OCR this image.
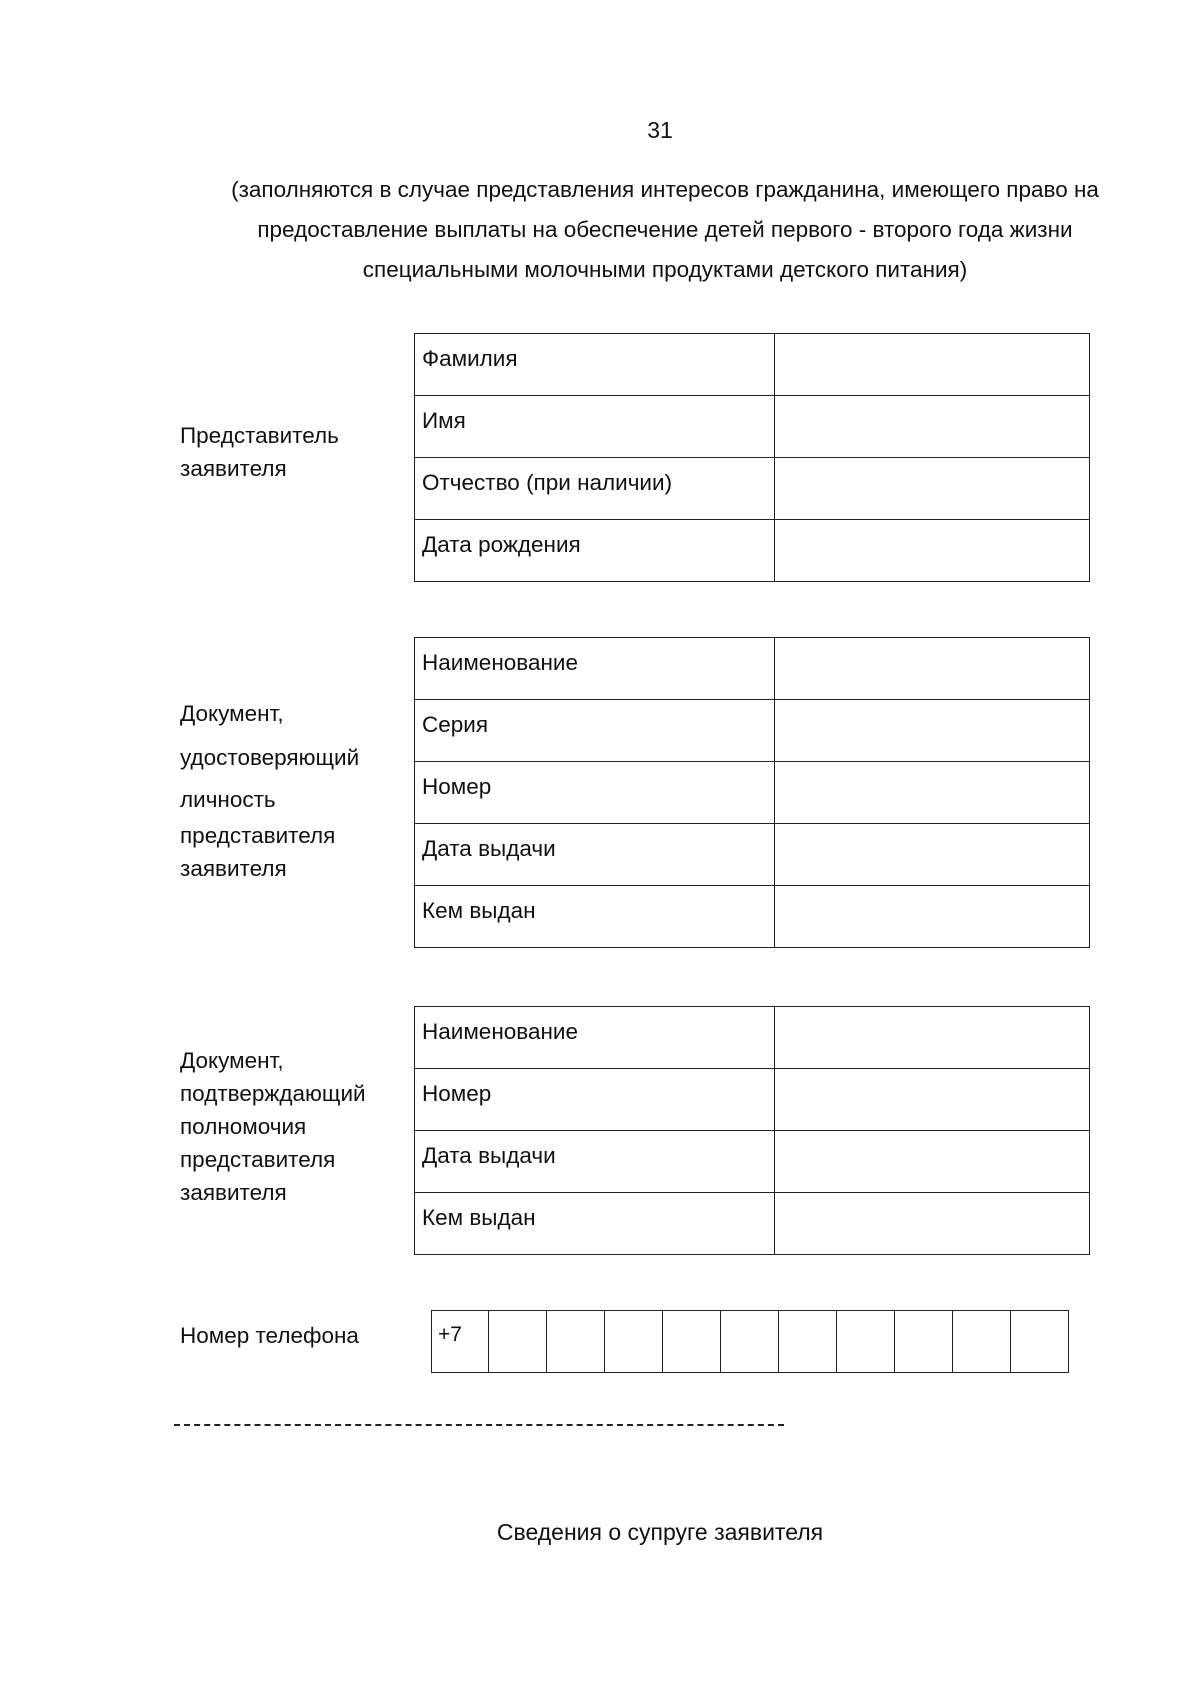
31
(заполняются в случае представления интересов гражданина, имеющего право на
предоставление выплаты на обеспечение детей первого - второго года жизни
специальными молочными продуктами детского питания)
Представитель
заявителя
Фамилия	
Имя	
Отчество (при наличии)	
Дата рождения	
Документ,
удостоверяющий
личность
представителя
заявителя
Наименование	
Серия	
Номер	
Дата выдачи	
Кем выдан	
Документ,
подтверждающий
полномочия
представителя
заявителя
Наименование	
Номер	
Дата выдачи	
Кем выдан	
Номер телефона	+7										
Сведения о супруге заявителя
